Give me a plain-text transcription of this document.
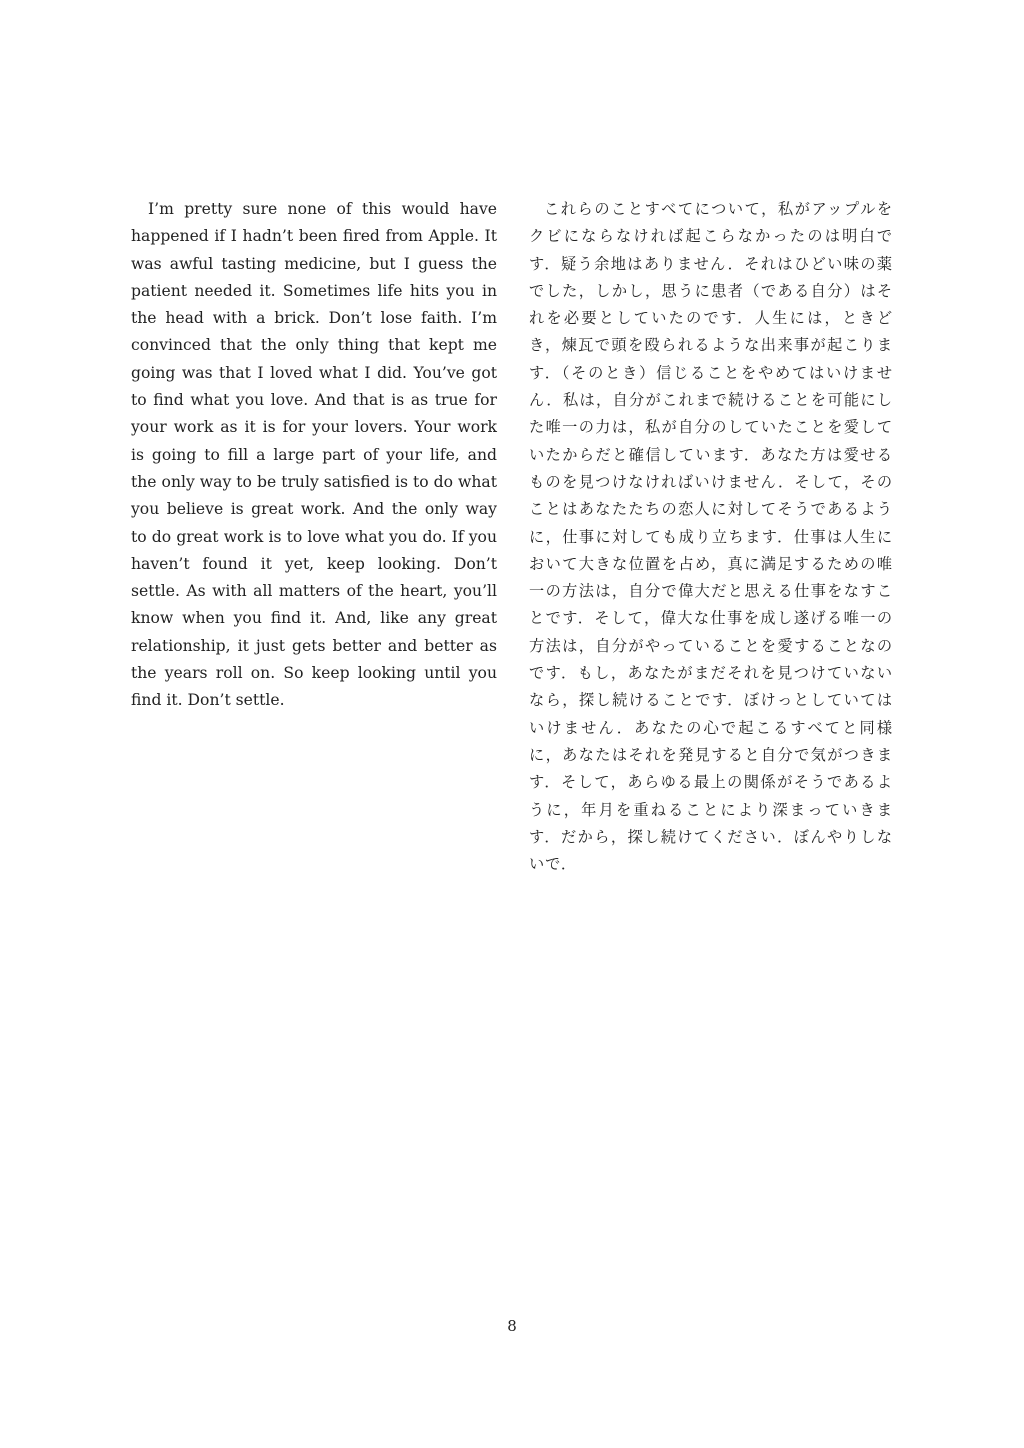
I’m pretty sure none of this would have happened if I hadn’t been fired from Apple. It was awful tasting medicine, but I guess the patient needed it. Sometimes life hits you in the head with a brick. Don’t lose faith. I’m convinced that the only thing that kept me going was that I loved what I did. You’ve got to find what you love. And that is as true for your work as it is for your lovers. Your work is going to fill a large part of your life, and the only way to be truly satisfied is to do what you believe is great work. And the only way to do great work is to love what you do. If you haven’t found it yet, keep looking. Don’t settle. As with all matters of the heart, you’ll know when you find it. And, like any great relationship, it just gets better and better as the years roll on. So keep looking until you find it. Don’t settle.

これらのことすべてについて，私がアップルをクビにならなければ起こらなかったのは明白です．疑う余地はありません．それはひどい味の薬でした，しかし，思うに患者（である自分）はそれを必要としていたのです．人生には，ときどき，煉瓦で頭を殴られるような出来事が起こります．（そのとき）信じることをやめてはいけません．私は，自分がこれまで続けることを可能にした唯一の力は，私が自分のしていたことを愛していたからだと確信しています．あなた方は愛せるものを見つけなければいけません．そして，そのことはあなたたちの恋人に対してそうであるように，仕事に対しても成り立ちます．仕事は人生において大きな位置を占め，真に満足するための唯一の方法は，自分で偉大だと思える仕事をなすことです．そして，偉大な仕事を成し遂げる唯一の方法は，自分がやっていることを愛することなのです．もし，あなたがまだそれを見つけていないなら，探し続けることです．ぼけっとしていてはいけません．あなたの心で起こるすべてと同様に，あなたはそれを発見すると自分で気がつきます．そして，あらゆる最上の関係がそうであるように，年月を重ねることにより深まっていきます．だから，探し続けてください．ぼんやりしないで．

8
